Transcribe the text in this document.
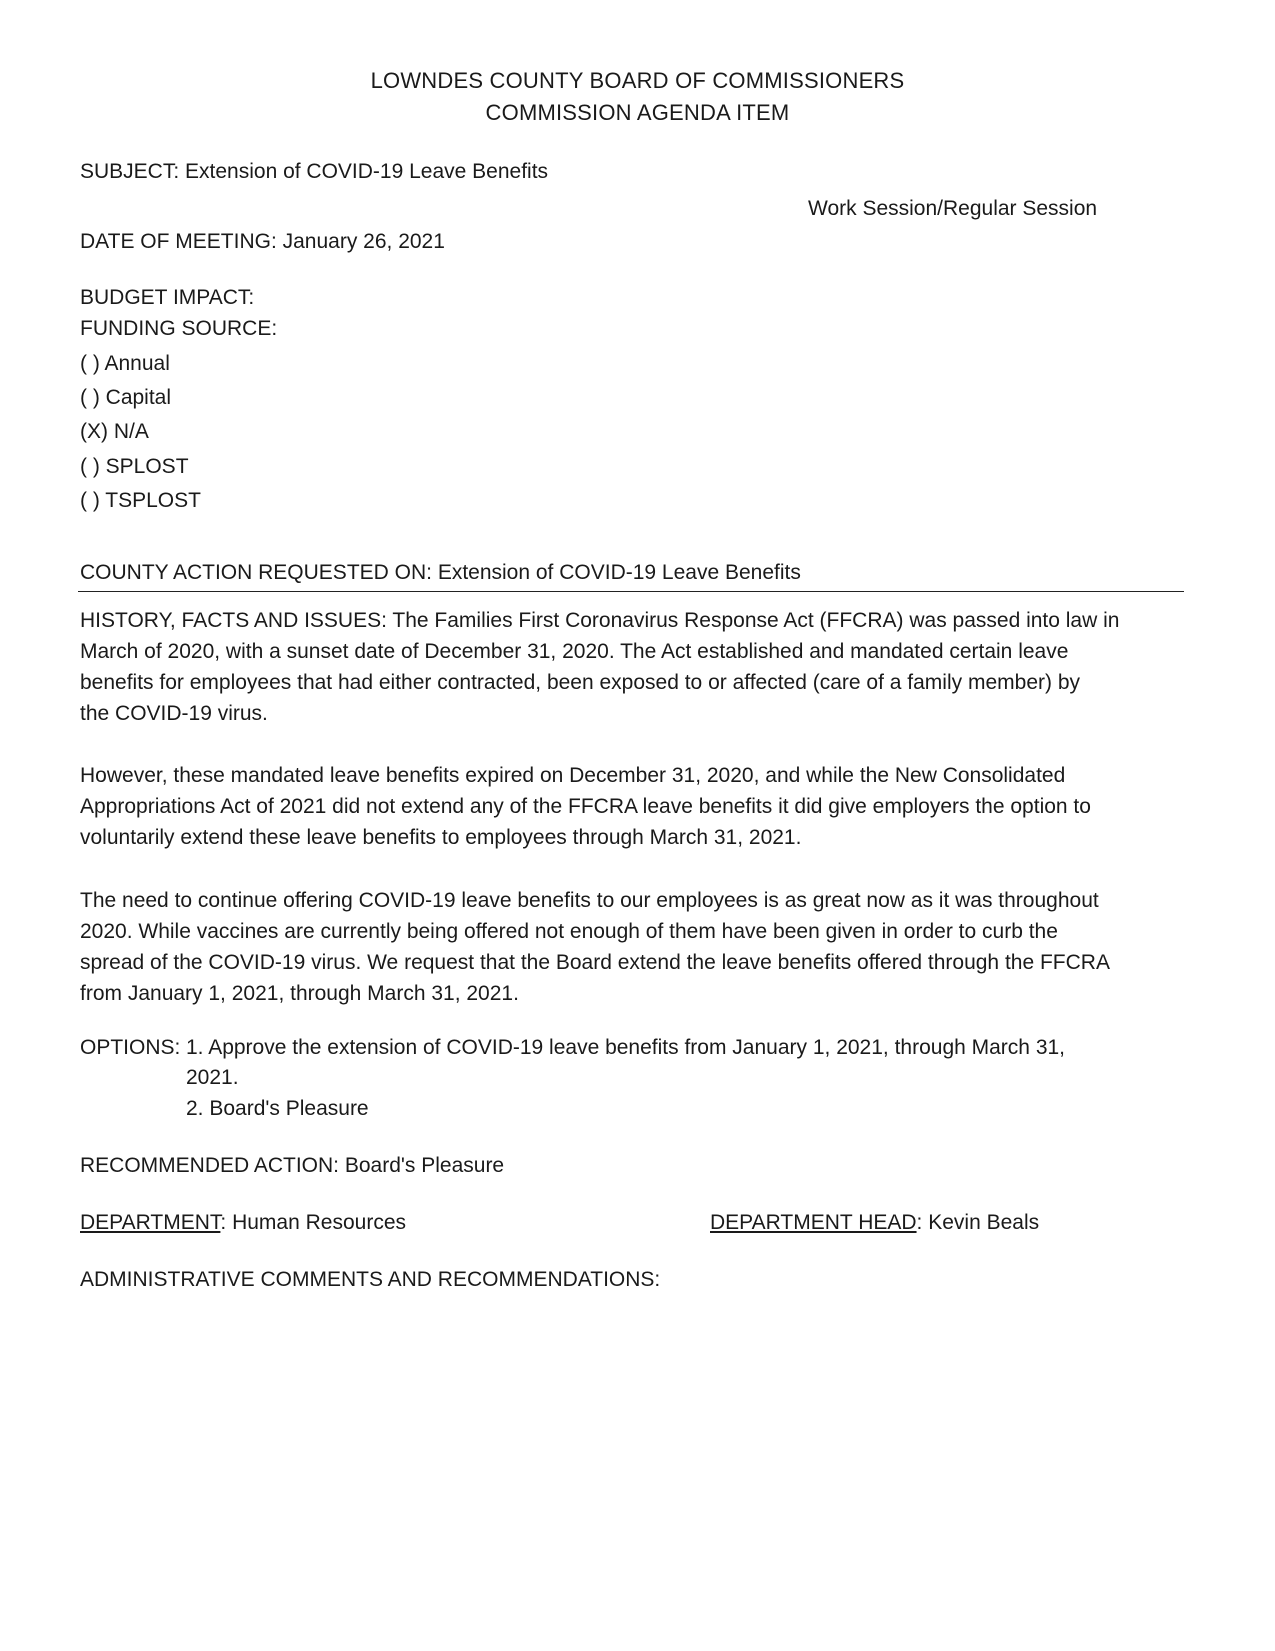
LOWNDES COUNTY BOARD OF COMMISSIONERS
COMMISSION AGENDA ITEM
SUBJECT: Extension of COVID-19 Leave Benefits
Work Session/Regular Session
DATE OF MEETING: January 26, 2021
BUDGET IMPACT:
FUNDING SOURCE:
( ) Annual
( ) Capital
(X) N/A
( ) SPLOST
( ) TSPLOST
COUNTY ACTION REQUESTED ON: Extension of COVID-19 Leave Benefits

HISTORY, FACTS AND ISSUES: The Families First Coronavirus Response Act (FFCRA) was passed into law in

March of 2020, with a sunset date of December 31, 2020. The Act established and mandated certain leave

benefits for employees that had either contracted, been exposed to or affected (care of a family member) by

the COVID-19 virus.

However, these mandated leave benefits expired on December 31, 2020, and while the New Consolidated

Appropriations Act of 2021 did not extend any of the FFCRA leave benefits it did give employers the option to

voluntarily extend these leave benefits to employees through March 31, 2021.

The need to continue offering COVID-19 leave benefits to our employees is as great now as it was throughout

2020. While vaccines are currently being offered not enough of them have been given in order to curb the

spread of the COVID-19 virus. We request that the Board extend the leave benefits offered through the FFCRA

from January 1, 2021, through March 31, 2021.

OPTIONS: 1. Approve the extension of COVID-19 leave benefits from January 1, 2021, through March 31,
2021.
2. Board's Pleasure
RECOMMENDED ACTION: Board's Pleasure
DEPARTMENT: Human Resources	DEPARTMENT HEAD: Kevin Beals
ADMINISTRATIVE COMMENTS AND RECOMMENDATIONS:
